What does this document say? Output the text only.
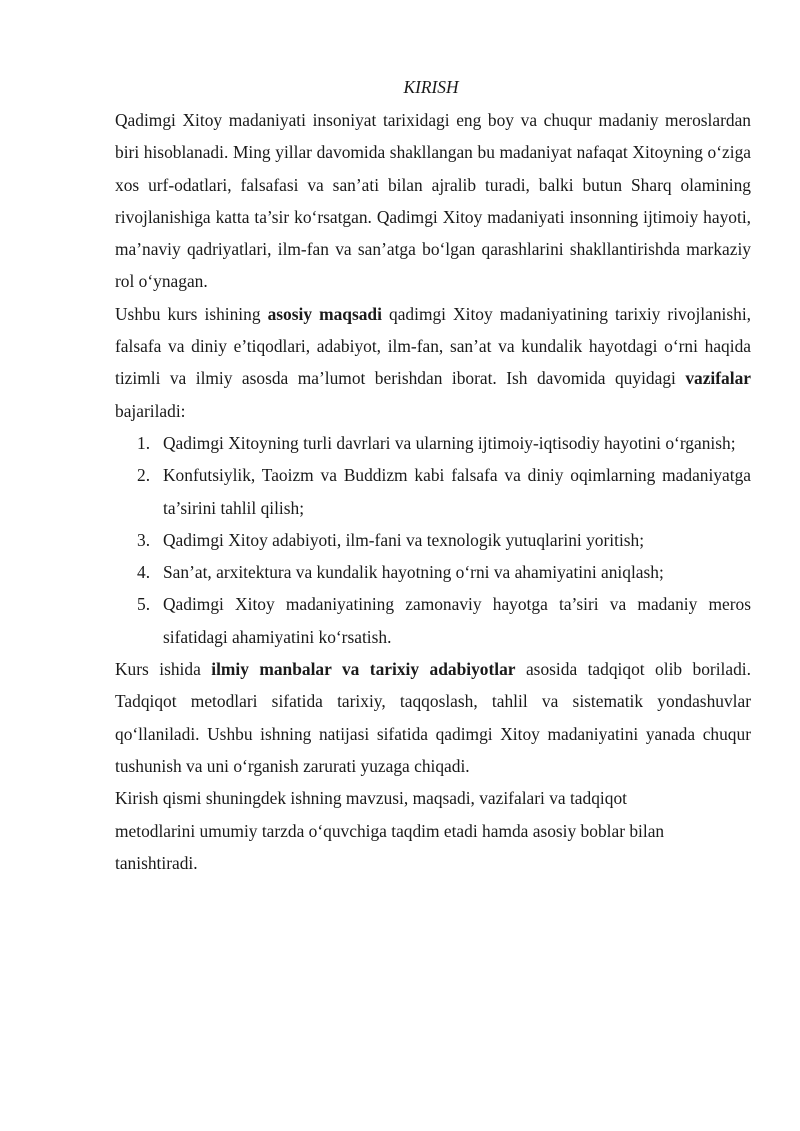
KIRISH

Qadimgi Xitoy madaniyati insoniyat tarixidagi eng boy va chuqur madaniy meroslardan biri hisoblanadi. Ming yillar davomida shakllangan bu madaniyat nafaqat Xitoyning o‘ziga xos urf-odatlari, falsafasi va san’ati bilan ajralib turadi, balki butun Sharq olamining rivojlanishiga katta ta’sir ko‘rsatgan. Qadimgi Xitoy madaniyati insonning ijtimoiy hayoti, ma’naviy qadriyatlari, ilm-fan va san’atga bo‘lgan qarashlarini shakllantirishda markaziy rol o‘ynagan.

Ushbu kurs ishining asosiy maqsadi qadimgi Xitoy madaniyatining tarixiy rivojlanishi, falsafa va diniy e’tiqodlari, adabiyot, ilm-fan, san’at va kundalik hayotdagi o‘rni haqida tizimli va ilmiy asosda ma’lumot berishdan iborat. Ish davomida quyidagi vazifalar bajariladi:

1. Qadimgi Xitoyning turli davrlari va ularning ijtimoiy-iqtisodiy hayotini o‘rganish;
2. Konfutsiylik, Taoizm va Buddizm kabi falsafa va diniy oqimlarning madaniyatga ta’sirini tahlil qilish;
3. Qadimgi Xitoy adabiyoti, ilm-fani va texnologik yutuqlarini yoritish;
4. San’at, arxitektura va kundalik hayotning o‘rni va ahamiyatini aniqlash;
5. Qadimgi Xitoy madaniyatining zamonaviy hayotga ta’siri va madaniy meros sifatidagi ahamiyatini ko‘rsatish.

Kurs ishida ilmiy manbalar va tarixiy adabiyotlar asosida tadqiqot olib boriladi. Tadqiqot metodlari sifatida tarixiy, taqqoslash, tahlil va sistematik yondashuvlar qo‘llaniladi. Ushbu ishning natijasi sifatida qadimgi Xitoy madaniyatini yanada chuqur tushunish va uni o‘rganish zarurati yuzaga chiqadi.

Kirish qismi shuningdek ishning mavzusi, maqsadi, vazifalari va tadqiqot
metodlarini umumiy tarzda o‘quvchiga taqdim etadi hamda asosiy boblar bilan
tanishtiradi.
